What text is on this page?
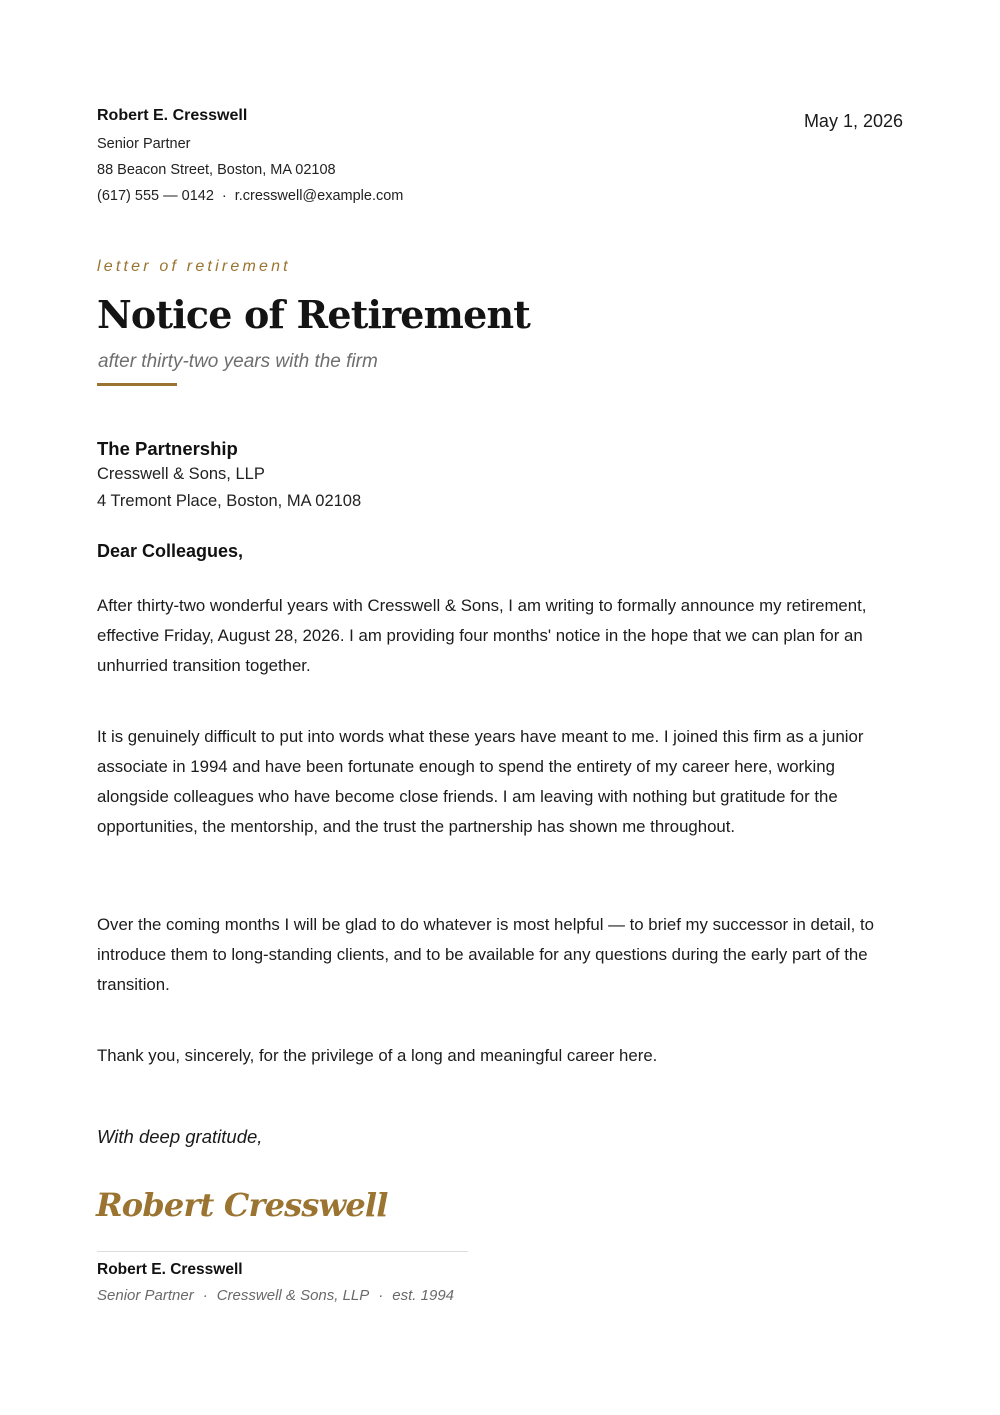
Robert E. Cresswell
Senior Partner
88 Beacon Street, Boston, MA 02108
(617) 555 — 0142 · r.cresswell@example.com
May 1, 2026
letter of retirement
Notice of Retirement
after thirty-two years with the firm
The Partnership
Cresswell & Sons, LLP
4 Tremont Place, Boston, MA 02108
Dear Colleagues,

After thirty-two wonderful years with Cresswell & Sons, I am writing to formally announce my retirement, effective Friday, August 28, 2026. I am providing four months' notice in the hope that we can plan for an unhurried transition together.

It is genuinely difficult to put into words what these years have meant to me. I joined this firm as a junior associate in 1994 and have been fortunate enough to spend the entirety of my career here, working alongside colleagues who have become close friends. I am leaving with nothing but gratitude for the opportunities, the mentorship, and the trust the partnership has shown me throughout.

Over the coming months I will be glad to do whatever is most helpful — to brief my successor in detail, to introduce them to long-standing clients, and to be available for any questions during the early part of the transition.

Thank you, sincerely, for the privilege of a long and meaningful career here.

With deep gratitude,
Robert Cresswell
Robert E. Cresswell
Senior Partner · Cresswell & Sons, LLP · est. 1994
